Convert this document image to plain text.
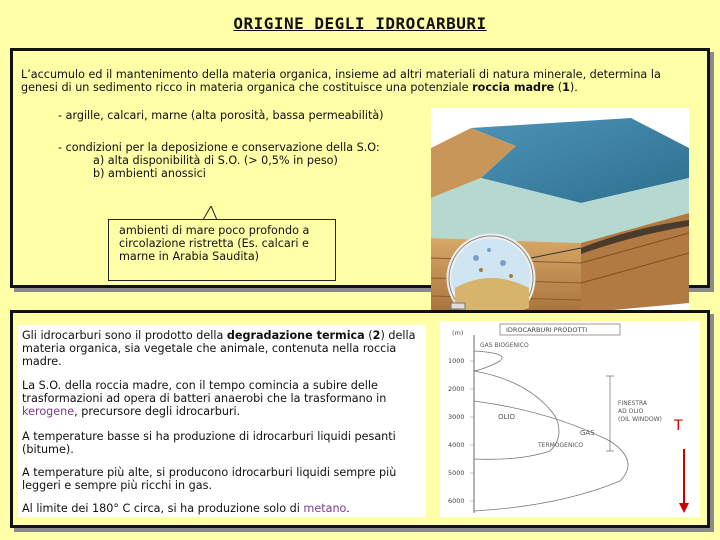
ORIGINE DEGLI IDROCARBURI
L’accumulo ed il mantenimento della materia organica, insieme ad altri materiali di natura minerale, determina la genesi di un sedimento ricco in materia organica che costituisce una potenziale roccia madre (1).
- argille, calcari, marne (alta porosità, bassa permeabilità)
- condizioni per la deposizione e conservazione della S.O:
a) alta disponibilità di S.O. (> 0,5% in peso)
b) ambienti anossici
ambienti di mare poco profondo a circolazione ristretta (Es. calcari e marne in Arabia Saudita)
Gli idrocarburi sono il prodotto della degradazione termica (2) della materia organica, sia vegetale che animale, contenuta nella roccia madre.
La S.O. della roccia madre, con il tempo comincia a subire delle trasformazioni ad opera di batteri anaerobi che la trasformano in kerogene, precursore degli idrocarburi.
A temperature basse si ha produzione di idrocarburi liquidi pesanti (bitume).
A temperature più alte, si producono idrocarburi liquidi sempre più leggeri e sempre più ricchi in gas.
Al limite dei 180° C circa, si ha produzione solo di metano.
(m)	IDROCARBURI PRODOTTI
1000
2000
3000
4000
5000
6000
GAS BIOGENICO
OLIO
GAS
TERMOGENICO
FINESTRA
AD OLIO
(OIL WINDOW) T
